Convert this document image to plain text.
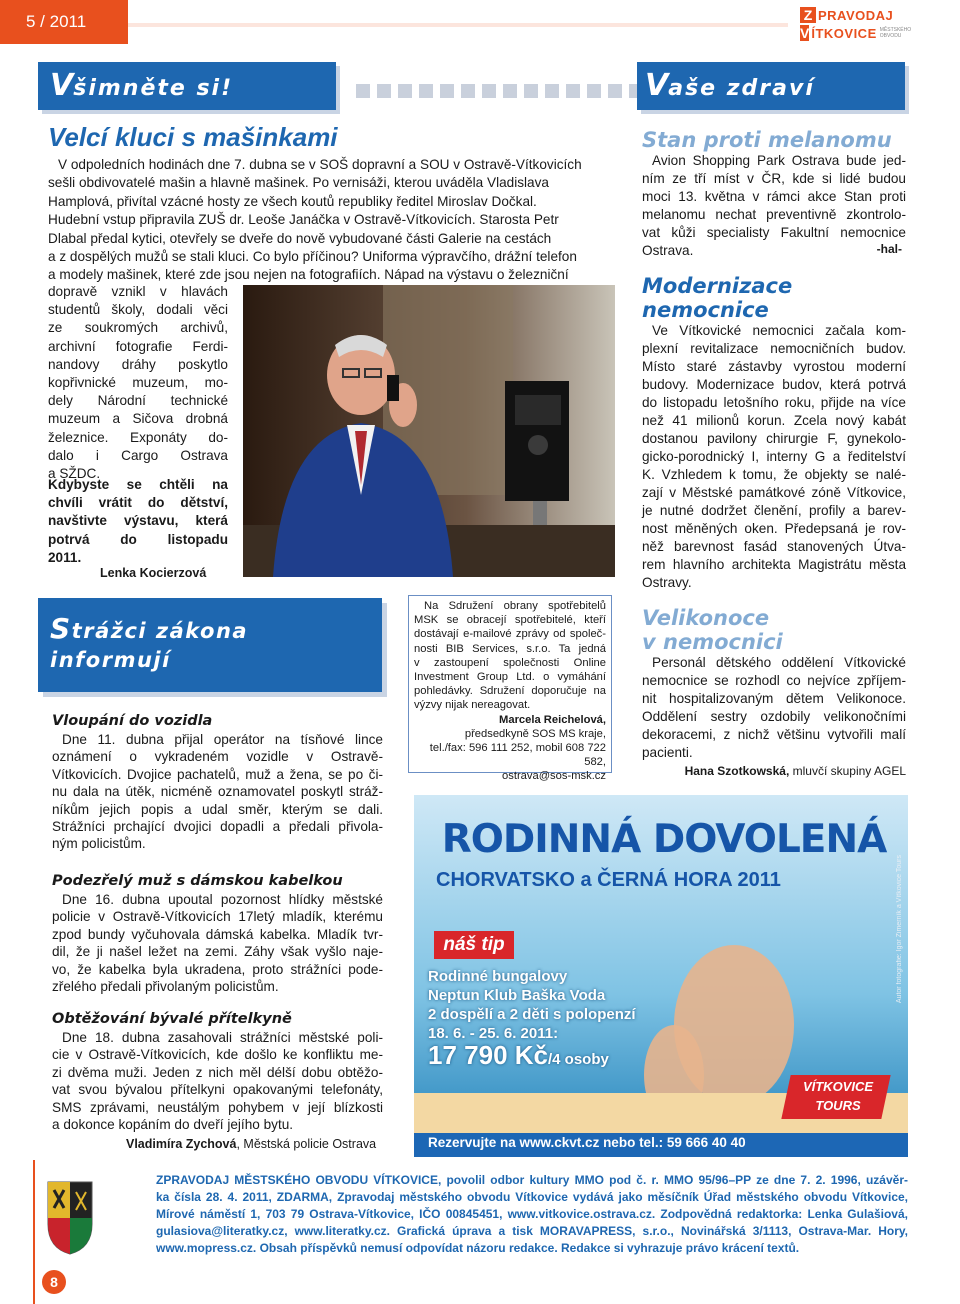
5 / 2011	Z PRAVODAJ
V ÍTKOVICE MĚSTSKÉHO OBVODU
Všimněte si!	Vaše zdraví
Velcí kluci s mašinkami
V odpoledních hodinách dne 7. dubna se v SOŠ dopravní a SOU v Ostravě-Vítkovicích
sešli obdivovatelé mašin a hlavně mašinek. Po vernisáži, kterou uváděla Vladislava
Hamplová, přivítal vzácné hosty ze všech koutů republiky ředitel Miroslav Dočkal.
Hudební vstup připravila ZUŠ dr. Leoše Janáčka v Ostravě-Vítkovicích. Starosta Petr
Dlabal předal kytici, otevřely se dveře do nově vybudované části Galerie na cestách
a z dospělých mužů se stali kluci. Co bylo příčinou? Uniforma výpravčího, drážní telefon
a modely mašinek, které zde jsou nejen na fotografiích. Nápad na výstavu o železniční
dopravě vznikl v hlavách
studentů školy, dodali věci
ze soukromých archivů,
archivní fotografie Ferdi-
nandovy dráhy poskytlo
kopřivnické muzeum, mo-
dely Národní technické
muzeum a Sičova drobná
železnice. Exponáty do-
dalo i Cargo Ostrava
a SŽDC.
Kdybyste se chtěli na
chvíli vrátit do dětství,
navštivte výstavu, která
potrvá do listopadu
2011.
Lenka Kocierzová
Strážci zákona
informují
Vloupání do vozidla
Dne 11. dubna přijal operátor na tísňové lince
oznámení o vykradeném vozidle v Ostravě-
Vítkovicích. Dvojice pachatelů, muž a žena, se po či-
nu dala na útěk, nicméně oznamovatel poskytl stráž-
níkům jejich popis a udal směr, kterým se dali.
Strážníci prchající dvojici dopadli a předali přivola-
ným policistům.
Podezřelý muž s dámskou kabelkou
Dne 16. dubna upoutal pozornost hlídky městské
policie v Ostravě-Vítkovicích 17letý mladík, kterému
zpod bundy vyčuhovala dámská kabelka. Mladík tvr-
dil, že ji našel ležet na zemi. Záhy však vyšlo naje-
vo, že kabelka byla ukradena, proto strážníci pode-
zřelého předali přivolaným policistům.
Obtěžování bývalé přítelkyně
Dne 18. dubna zasahovali strážníci městské poli-
cie v Ostravě-Vítkovicích, kde došlo ke konfliktu me-
zi dvěma muži. Jeden z nich měl délší dobu obtěžo-
vat svou bývalou přítelkyni opakovanými telefonáty,
SMS zprávami, neustálým pohybem v její blízkosti
a dokonce kopáním do dveří jejího bytu.
Vladimíra Zychová, Městská policie Ostrava
Na Sdružení obrany spotřebitelů
MSK se obracejí spotřebitelé, kteří
dostávají e-mailové zprávy od společ-
nosti BIB Services, s.r.o. Ta jedná
v zastoupení společnosti Online
Investment Group Ltd. o vymáhání
pohledávky. Sdružení doporučuje na
výzvy nijak nereagovat.
Marcela Reichelová,
předsedkyně SOS MS kraje,
tel./fax: 596 111 252, mobil 608 722 582,
ostrava@sos-msk.cz
Stan proti melanomu
Avion Shopping Park Ostrava bude jed-
ním ze tří míst v ČR, kde si lidé budou
moci 13. května v rámci akce Stan proti
melanomu nechat preventivně zkontrolo-
vat kůži specialisty Fakultní nemocnice
Ostrava.	-hal-
Modernizace
nemocnice
Ve Vítkovické nemocnici začala kom-
plexní revitalizace nemocničních budov.
Místo staré zástavby vyrostou moderní
budovy. Modernizace budov, která potrvá
do listopadu letošního roku, přijde na více
než 41 milionů korun. Zcela nový kabát
dostanou pavilony chirurgie F, gynekolo-
gicko-porodnický I, interny G a ředitelství
K. Vzhledem k tomu, že objekty se nalé-
zají v Městské památkové zóně Vítkovice,
je nutné dodržet členění, profily a barev-
nost měněných oken. Předepsaná je rov-
něž barevnost fasád stanovených Útva-
rem hlavního architekta Magistrátu města
Ostravy.
Velikonoce
v nemocnici
Personál dětského oddělení Vítkovické
nemocnice se rozhodl co nejvíce zpříjem-
nit hospitalizovaným dětem Velikonoce.
Oddělení sestry ozdobily velikonočními
dekoracemi, z nichž většinu vytvořili malí
pacienti.
Hana Szotkowská, mluvčí skupiny AGEL
RODINNÁ DOVOLENÁ
CHORVATSKO a ČERNÁ HORA 2011
náš tip
Rodinné bungalovy
Neptun Klub Baška Voda
2 dospělí a 2 děti s polopenzí
18. 6. - 25. 6. 2011:
17 790 Kč/4 osoby
VÍTKOVICE
TOURS
Rezervujte na www.ckvt.cz nebo tel.: 59 666 40 40
Autor fotografie: Igor Zimerník a Vítkovice Tours
8
ZPRAVODAJ MĚSTSKÉHO OBVODU VÍTKOVICE, povolil odbor kultury MMO pod č. r. MMO 95/96–PP ze dne 7. 2. 1996, uzávěr-
ka čísla 28. 4. 2011, ZDARMA, Zpravodaj městského obvodu Vítkovice vydává jako měsíčník Úřad městského obvodu Vítkovice,
Mírové náměstí 1, 703 79 Ostrava-Vítkovice, IČO 00845451, www.vitkovice.ostrava.cz. Zodpovědná redaktorka: Lenka Gulašiová,
gulasiova@literatky.cz, www.literatky.cz. Grafická úprava a tisk MORAVAPRESS, s.r.o., Novinářská 3/1113, Ostrava-Mar. Hory,
www.mopress.cz. Obsah příspěvků nemusí odpovídat názoru redakce. Redakce si vyhrazuje právo krácení textů.
